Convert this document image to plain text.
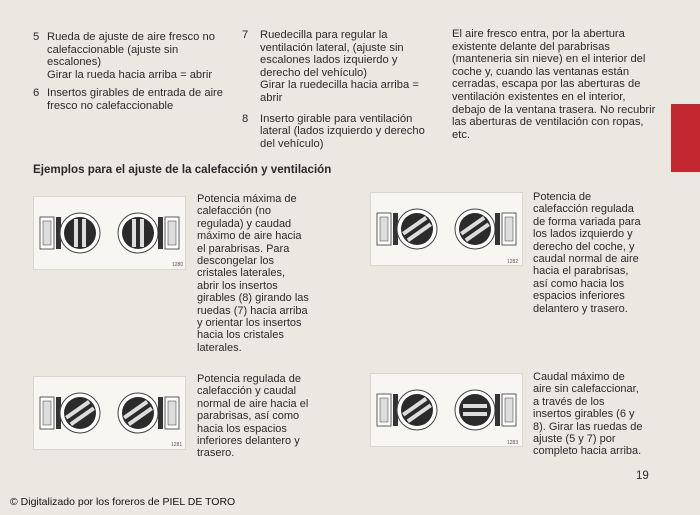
5 Rueda de ajuste de aire fresco no calefaccionable (ajuste sin escalones)
Girar la rueda hacia arriba = abrir
6 Insertos girables de entrada de aire fresco no calefaccionable
7	Ruedecilla para regular la ventilación lateral, (ajuste sin escalones lados izquierdo y derecho del vehículo)
Girar la ruedecilla hacia arriba = abrir
8	Inserto girable para ventilación lateral (lados izquierdo y derecho del vehículo)
El aire fresco entra, por la abertura existente delante del parabrisas (manteneria sin nieve) en el interior del coche y, cuando las ventanas están cerradas, escapa por las aberturas de ventilación existentes en el interior, debajo de la ventana trasera. No recubrir las aberturas de ventilación con ropas, etc.
Ejemplos para el ajuste de la calefacción y ventilación
1280
Potencia máxima de calefacción (no regulada) y caudad máximo de aire hacia el parabrisas. Para descongelar los cristales laterales, abrir los insertos girables (8) girando las ruedas (7) hacia arriba y orientar los insertos hacia los cristales laterales.
1282
Potencia de calefacción regulada de forma variada para los lados izquierdo y derecho del coche, y caudal normal de aire hacia el parabrisas, así como hacia los espacios inferiores delantero y trasero.
1281
Potencia regulada de calefacción y caudal normal de aire hacia el parabrisas, así como hacia los espacios inferiores delantero y trasero.
1283
Caudal máximo de aire sin calefaccionar, a través de los insertos girables (6 y 8). Girar las ruedas de ajuste (5 y 7) por completo hacia arriba.
19
© Digitalizado por los foreros de PIEL DE TORO
